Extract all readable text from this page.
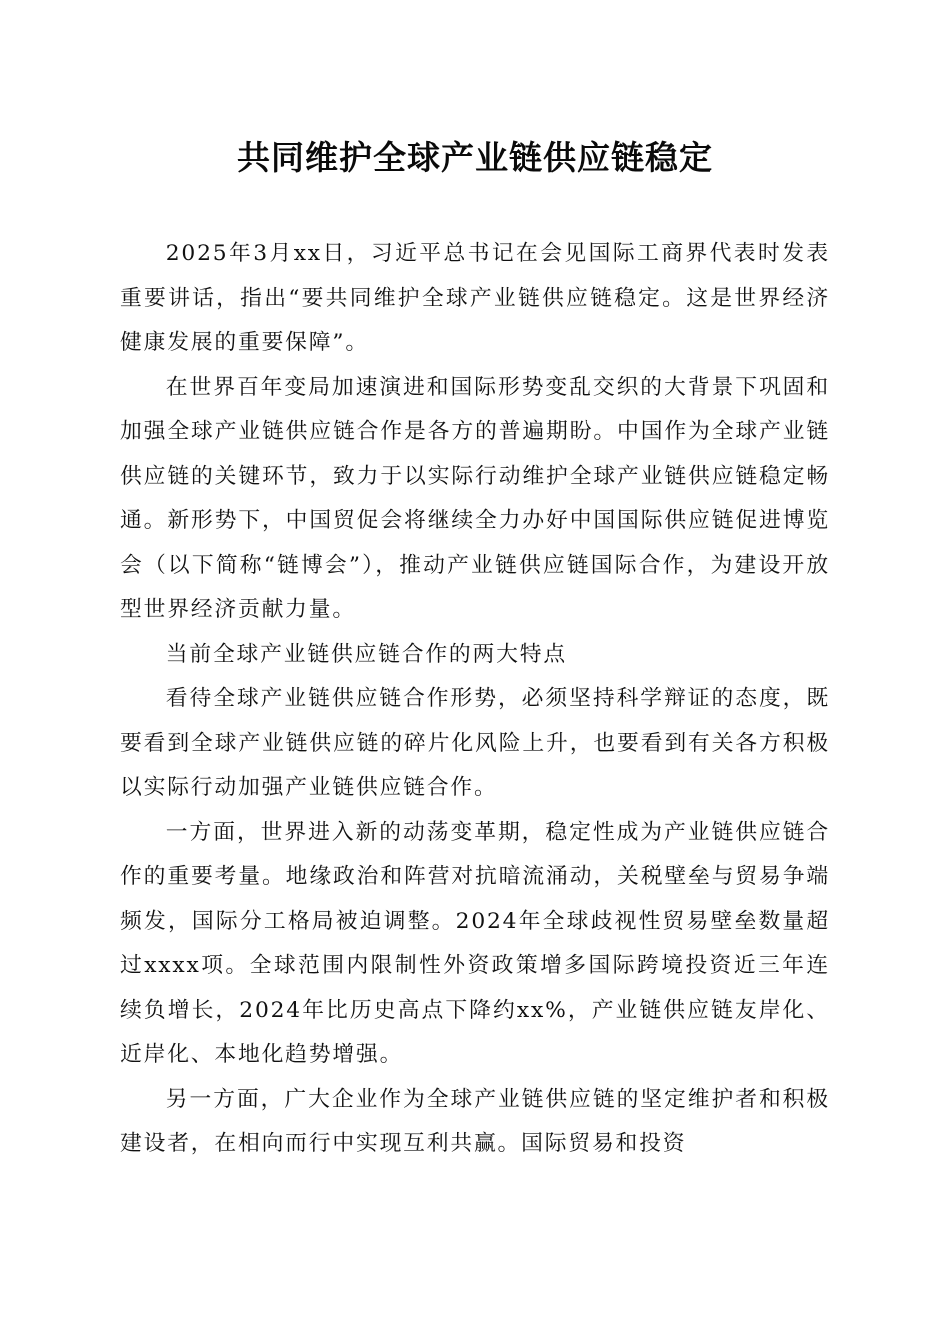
共同维护全球产业链供应链稳定

2025年3月xx日，习近平总书记在会见国际工商界代表时发表重要讲话，指出“要共同维护全球产业链供应链稳定。这是世界经济健康发展的重要保障”。

在世界百年变局加速演进和国际形势变乱交织的大背景下巩固和加强全球产业链供应链合作是各方的普遍期盼。中国作为全球产业链供应链的关键环节，致力于以实际行动维护全球产业链供应链稳定畅通。新形势下，中国贸促会将继续全力办好中国国际供应链促进博览会（以下简称“链博会”），推动产业链供应链国际合作，为建设开放型世界经济贡献力量。

当前全球产业链供应链合作的两大特点

看待全球产业链供应链合作形势，必须坚持科学辩证的态度，既要看到全球产业链供应链的碎片化风险上升，也要看到有关各方积极以实际行动加强产业链供应链合作。

一方面，世界进入新的动荡变革期，稳定性成为产业链供应链合作的重要考量。地缘政治和阵营对抗暗流涌动，关税壁垒与贸易争端频发，国际分工格局被迫调整。2024年全球歧视性贸易壁垒数量超过xxxx项。全球范围内限制性外资政策增多国际跨境投资近三年连续负增长，2024年比历史高点下降约xx%，产业链供应链友岸化、近岸化、本地化趋势增强。

另一方面，广大企业作为全球产业链供应链的坚定维护者和积极建设者，在相向而行中实现互利共赢。国际贸易和投资
